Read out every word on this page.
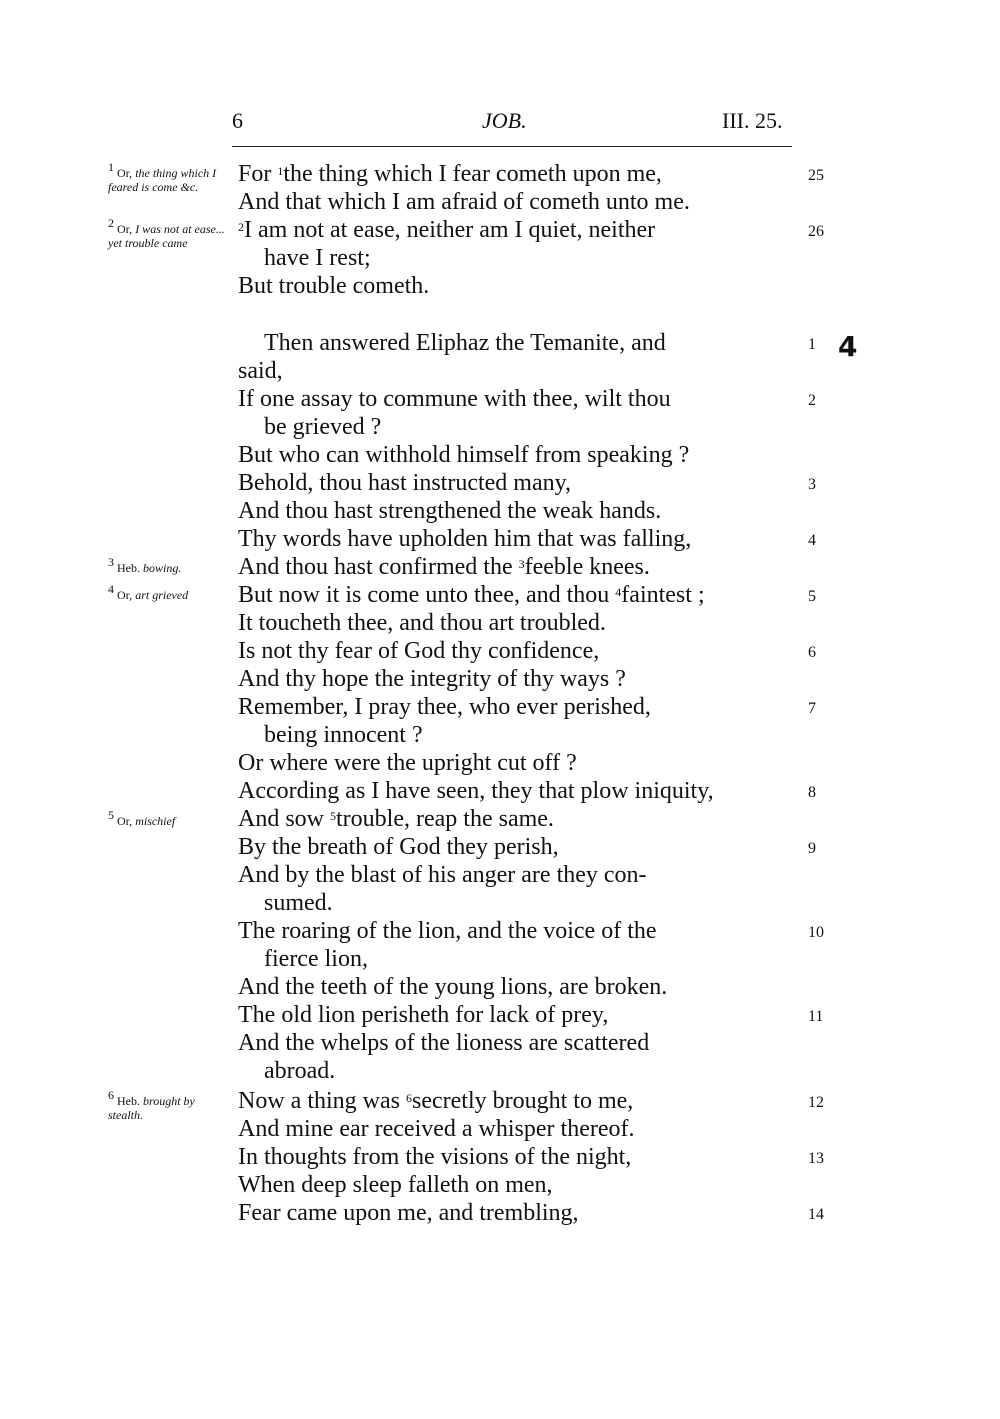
6	JOB.	III. 25.
For $^1$the thing which I fear cometh upon me,
And that which I am afraid of cometh unto me.
$^2$I am not at ease, neither am I quiet, neither
have I rest;
But trouble cometh.
Then answered Eliphaz the Temanite, and
said,
If one assay to commune with thee, wilt thou
be grieved ?
But who can withhold himself from speaking ?
Behold, thou hast instructed many,
And thou hast strengthened the weak hands.
Thy words have upholden him that was falling,
And thou hast confirmed the $^3$feeble knees.
But now it is come unto thee, and thou $^4$faintest ;
It toucheth thee, and thou art troubled.
Is not thy fear of God thy confidence,
And thy hope the integrity of thy ways ?
Remember, I pray thee, who ever perished,
being innocent ?
Or where were the upright cut off ?
According as I have seen, they that plow iniquity,
And sow $^5$trouble, reap the same.
By the breath of God they perish,
And by the blast of his anger are they con-
sumed.
The roaring of the lion, and the voice of the
fierce lion,
And the teeth of the young lions, are broken.
The old lion perisheth for lack of prey,
And the whelps of the lioness are scattered
abroad.
Now a thing was $^6$secretly brought to me,
And mine ear received a whisper thereof.
In thoughts from the visions of the night,
When deep sleep falleth on men,
Fear came upon me, and trembling,
4
25
26
1
2
3
4
5
6
7
8
9
10
11
12
13
14
$^1$ Or, the thing which I feared is come &c.
$^2$ Or, I was not at ease... yet trouble came
$^3$ Heb. bowing.
$^4$ Or, art grieved
$^5$ Or, mischief
$^6$ Heb. brought by stealth.
